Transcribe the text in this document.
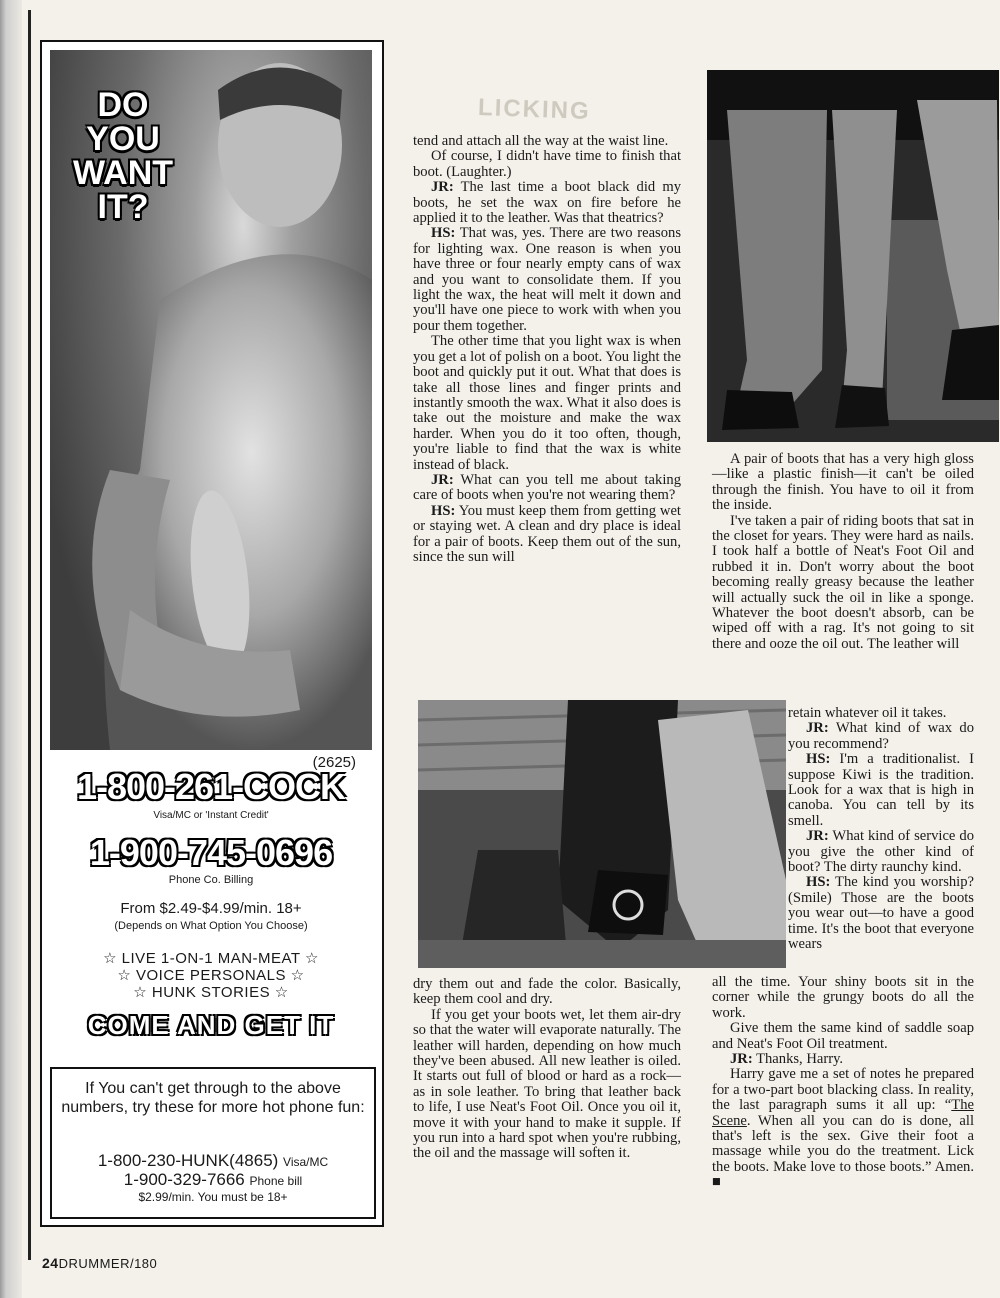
DO
YOU
WANT
IT?
(2625)
1-800-261-COCK
Visa/MC or 'Instant Credit'
1-900-745-0696
Phone Co. Billing
From $2.49-$4.99/min. 18+
(Depends on What Option You Choose)
☆ LIVE 1-ON-1 MAN-MEAT ☆
☆ VOICE PERSONALS ☆
☆ HUNK STORIES ☆
COME AND GET IT
If You can't get through to the above numbers, try these for more hot phone fun:
1-800-230-HUNK(4865) Visa/MC
1-900-329-7666 Phone bill
$2.99/min. You must be 18+
LICKING

tend and attach all the way at the waist line.

Of course, I didn't have time to finish that boot. (Laughter.)

JR: The last time a boot black did my boots, he set the wax on fire before he applied it to the leather. Was that theatrics?

HS: That was, yes. There are two reasons for lighting wax. One reason is when you have three or four nearly empty cans of wax and you want to consolidate them. If you light the wax, the heat will melt it down and you'll have one piece to work with when you pour them together.

The other time that you light wax is when you get a lot of polish on a boot. You light the boot and quickly put it out. What that does is take all those lines and finger prints and instantly smooth the wax. What it also does is take out the moisture and make the wax harder. When you do it too often, though, you're liable to find that the wax is white instead of black.

JR: What can you tell me about taking care of boots when you're not wearing them?

HS: You must keep them from getting wet or staying wet. A clean and dry place is ideal for a pair of boots. Keep them out of the sun, since the sun will

dry them out and fade the color. Basically, keep them cool and dry.

If you get your boots wet, let them air-dry so that the water will evaporate naturally. The leather will harden, depending on how much they've been abused. All new leather is oiled. It starts out full of blood or hard as a rock—as in sole leather. To bring that leather back to life, I use Neat's Foot Oil. Once you oil it, move it with your hand to make it supple. If you run into a hard spot when you're rubbing, the oil and the massage will soften it.

A pair of boots that has a very high gloss—like a plastic finish—it can't be oiled through the finish. You have to oil it from the inside.

I've taken a pair of riding boots that sat in the closet for years. They were hard as nails. I took half a bottle of Neat's Foot Oil and rubbed it in. Don't worry about the boot becoming really greasy because the leather will actually suck the oil in like a sponge. Whatever the boot doesn't absorb, can be wiped off with a rag. It's not going to sit there and ooze the oil out. The leather will

retain whatever oil it takes.

JR: What kind of wax do you recommend?

HS: I'm a traditionalist. I suppose Kiwi is the tradition. Look for a wax that is high in canoba. You can tell by its smell.

JR: What kind of service do you give the other kind of boot? The dirty raunchy kind.

HS: The kind you worship? (Smile) Those are the boots you wear out—to have a good time. It's the boot that everyone wears

all the time. Your shiny boots sit in the corner while the grungy boots do all the work.

Give them the same kind of saddle soap and Neat's Foot Oil treatment.

JR: Thanks, Harry.

Harry gave me a set of notes he prepared for a two-part boot blacking class. In reality, the last paragraph sums it all up: “The Scene. When all you can do is done, all that's left is the sex. Give their foot a massage while you do the treatment. Lick the boots. Make love to those boots.” Amen. ■

24DRUMMER/180
